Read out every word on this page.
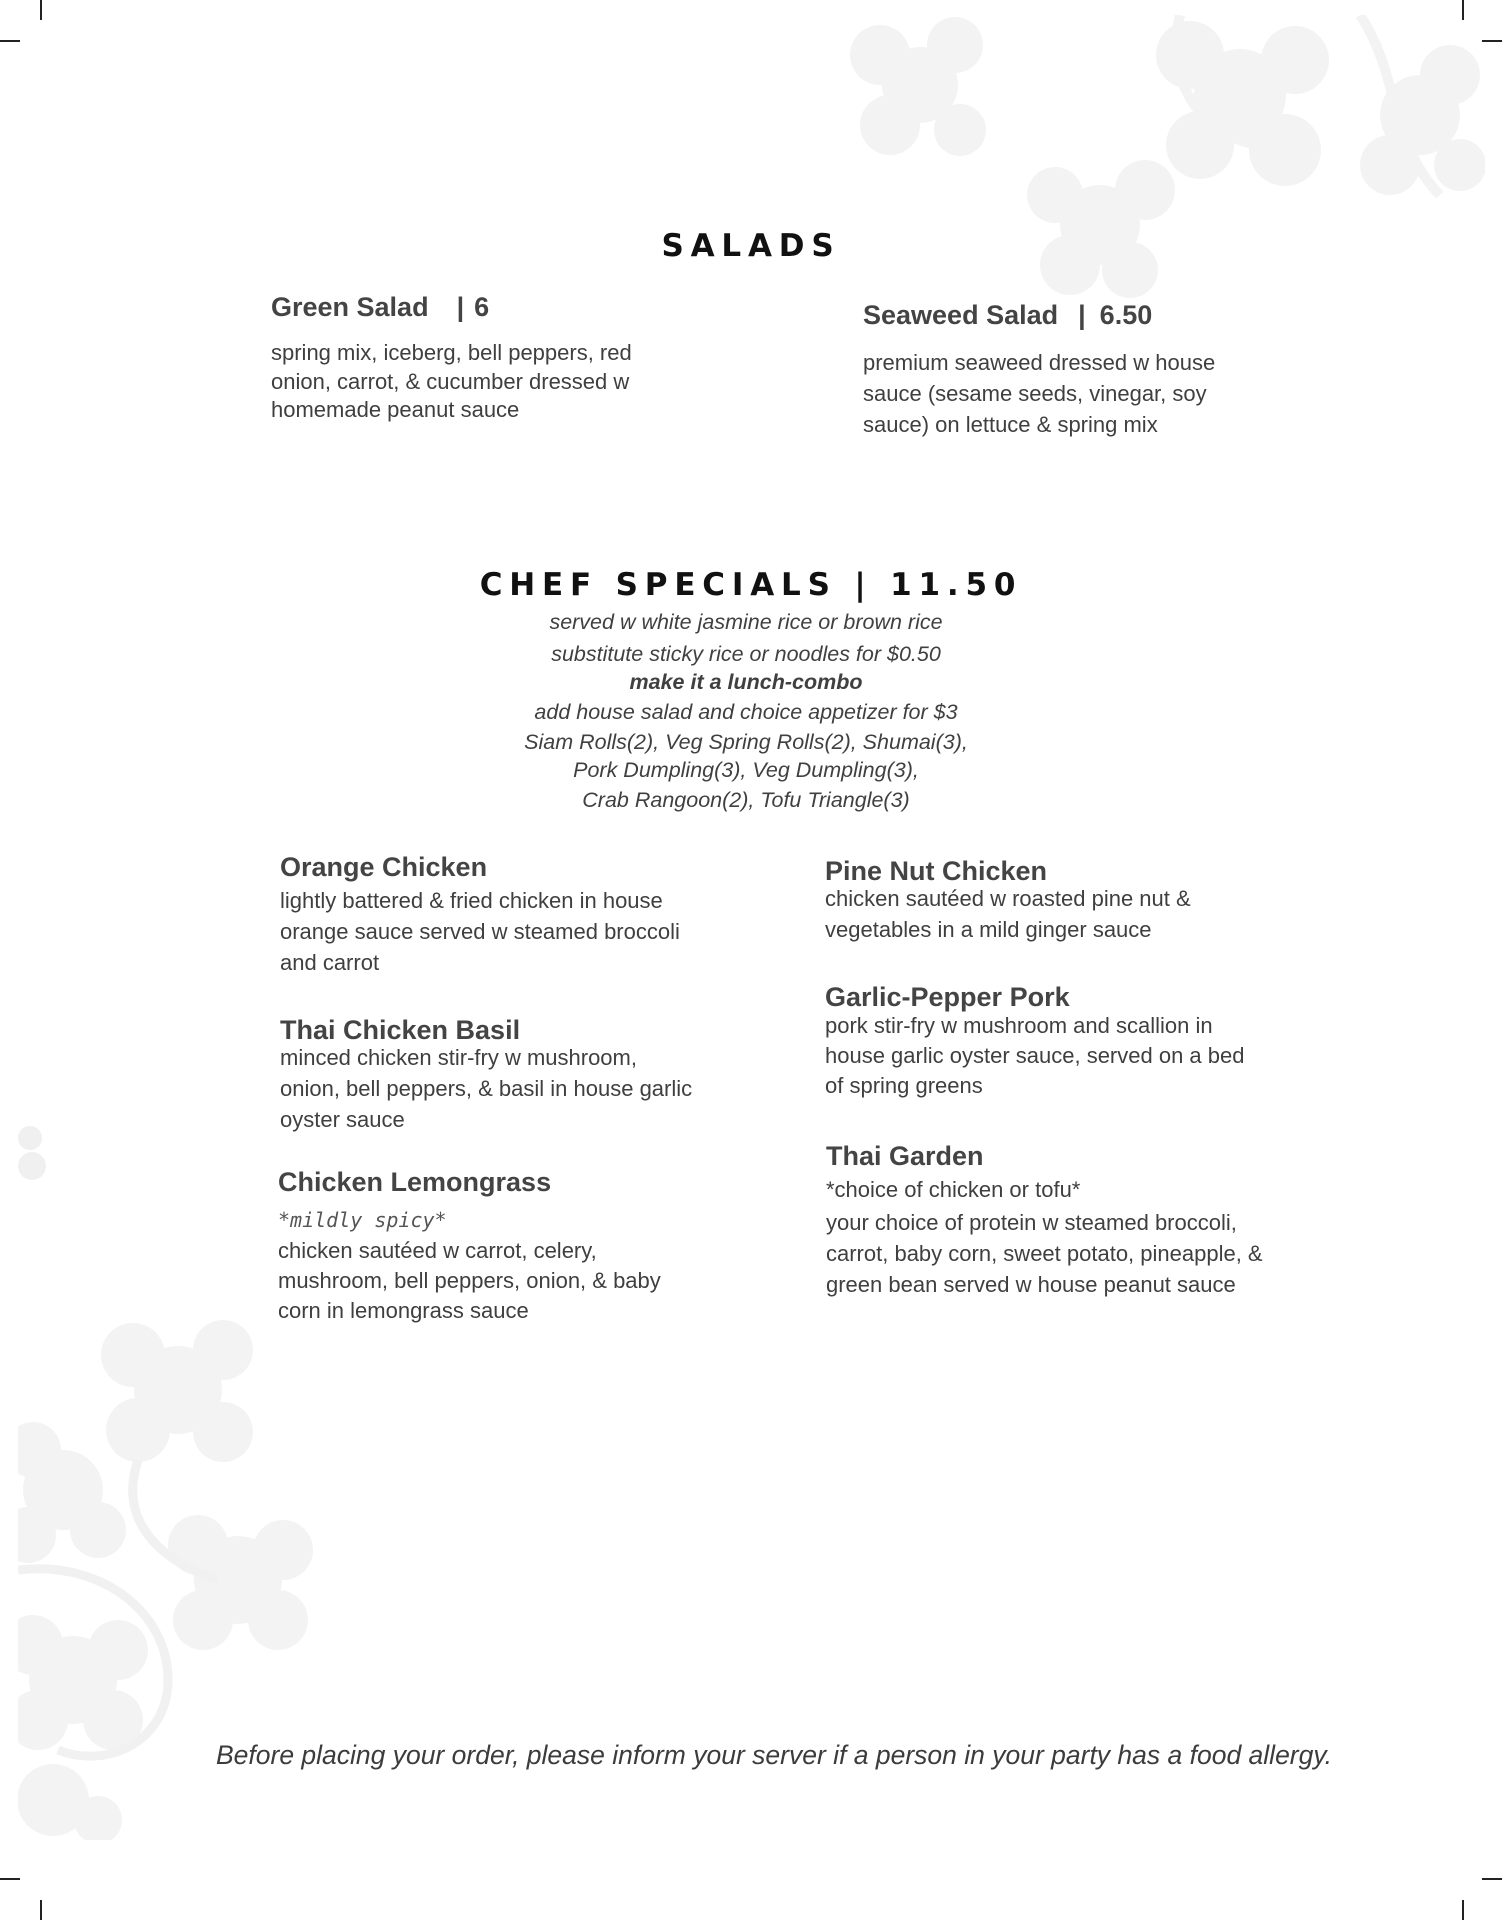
SALADS
Green Salad | 6
spring mix, iceberg, bell peppers, red onion, carrot, & cucumber dressed w homemade peanut sauce
Seaweed Salad | 6.50
premium seaweed dressed w house sauce (sesame seeds, vinegar, soy sauce) on lettuce & spring mix
CHEF SPECIALS | 11.50
served w white jasmine rice or brown rice
substitute sticky rice or noodles for $0.50
make it a lunch-combo
add house salad and choice appetizer for $3
Siam Rolls(2), Veg Spring Rolls(2), Shumai(3),
Pork Dumpling(3), Veg Dumpling(3),
Crab Rangoon(2), Tofu Triangle(3)
Orange Chicken
lightly battered & fried chicken in house orange sauce served w steamed broccoli and carrot
Thai Chicken Basil
minced chicken stir-fry w mushroom, onion, bell peppers, & basil in house garlic oyster sauce
Chicken Lemongrass
*mildly spicy*
chicken sautéed w carrot, celery, mushroom, bell peppers, onion, & baby corn in lemongrass sauce
Pine Nut Chicken
chicken sautéed w roasted pine nut & vegetables in a mild ginger sauce
Garlic-Pepper Pork
pork stir-fry w mushroom and scallion in house garlic oyster sauce, served on a bed of spring greens
Thai Garden
*choice of chicken or tofu*
your choice of protein w steamed broccoli, carrot, baby corn, sweet potato, pineapple, & green bean served w house peanut sauce
Before placing your order, please inform your server if a person in your party has a food allergy.
